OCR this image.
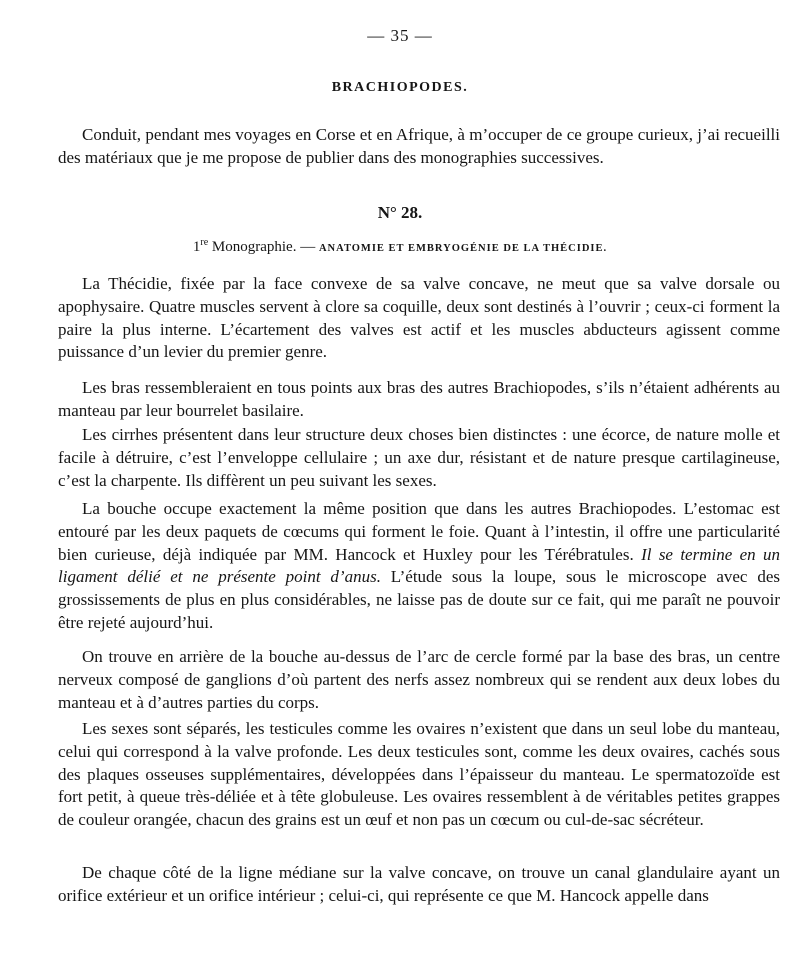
— 35 —
BRACHIOPODES.

Conduit, pendant mes voyages en Corse et en Afrique, à m’occuper de ce groupe curieux, j’ai recueilli des matériaux que je me propose de publier dans des monographies successives.

N° 28.
1re Monographie. — ANATOMIE ET EMBRYOGÉNIE DE LA THÉCIDIE.

La Thécidie, fixée par la face convexe de sa valve concave, ne meut que sa valve dorsale ou apophysaire. Quatre muscles servent à clore sa coquille, deux sont destinés à l’ouvrir ; ceux-ci forment la paire la plus interne. L’écartement des valves est actif et les muscles abducteurs agissent comme puissance d’un levier du premier genre.

Les bras ressembleraient en tous points aux bras des autres Brachiopodes, s’ils n’étaient adhérents au manteau par leur bourrelet basilaire.

Les cirrhes présentent dans leur structure deux choses bien distinctes : une écorce, de nature molle et facile à détruire, c’est l’enveloppe cellulaire ; un axe dur, résistant et de nature presque cartilagineuse, c’est la charpente. Ils diffèrent un peu suivant les sexes.

La bouche occupe exactement la même position que dans les autres Brachiopodes. L’estomac est entouré par les deux paquets de cœcums qui forment le foie. Quant à l’intestin, il offre une particularité bien curieuse, déjà indiquée par MM. Hancock et Huxley pour les Térébratules. Il se termine en un ligament délié et ne présente point d’anus. L’étude sous la loupe, sous le microscope avec des grossissements de plus en plus considérables, ne laisse pas de doute sur ce fait, qui me paraît ne pouvoir être rejeté aujourd’hui.

On trouve en arrière de la bouche au-dessus de l’arc de cercle formé par la base des bras, un centre nerveux composé de ganglions d’où partent des nerfs assez nombreux qui se rendent aux deux lobes du manteau et à d’autres parties du corps.

Les sexes sont séparés, les testicules comme les ovaires n’existent que dans un seul lobe du manteau, celui qui correspond à la valve profonde. Les deux testicules sont, comme les deux ovaires, cachés sous des plaques osseuses supplémentaires, développées dans l’épaisseur du manteau. Le spermatozoïde est fort petit, à queue très-déliée et à tête globuleuse. Les ovaires ressemblent à de véritables petites grappes de couleur orangée, chacun des grains est un œuf et non pas un cœcum ou cul-de-sac sécréteur.

De chaque côté de la ligne médiane sur la valve concave, on trouve un canal glandulaire ayant un orifice extérieur et un orifice intérieur ; celui-ci, qui représente ce que M. Hancock appelle dans
